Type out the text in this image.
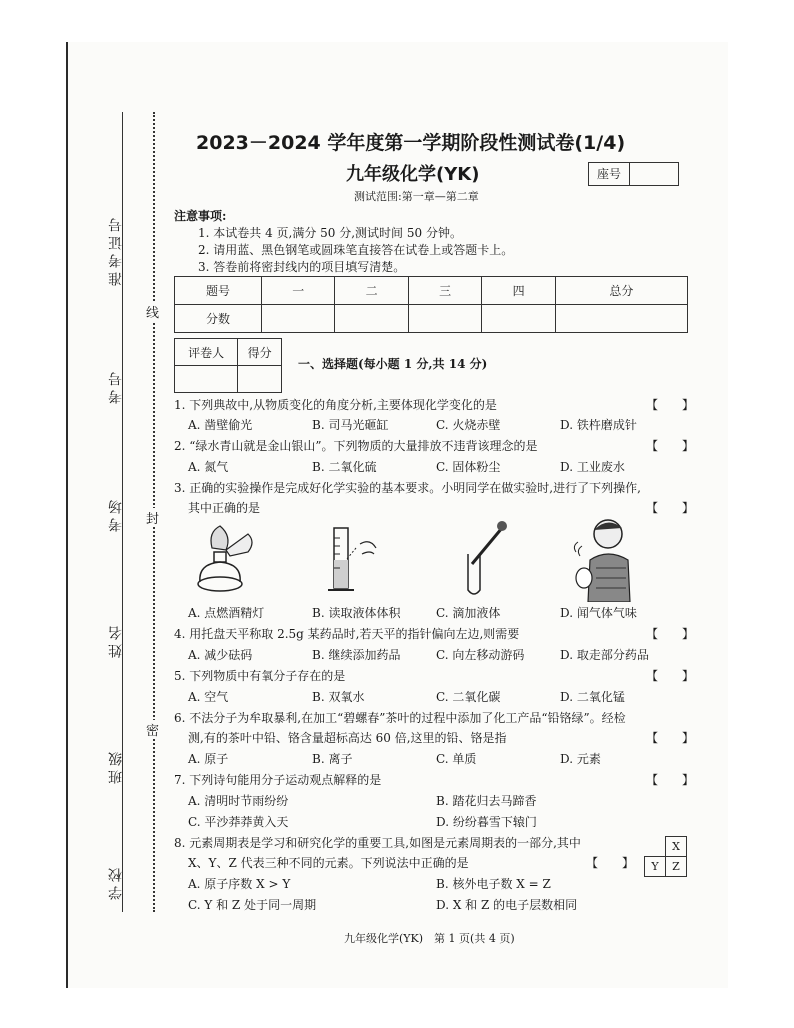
准考证号
考号
考场
姓名
班级
学校
线
封
密
2023－2024 学年度第一学期阶段性测试卷(1/4)
九年级化学(YK)	座号
测试范围:第一章—第二章
注意事项:
1. 本试卷共 4 页,满分 50 分,测试时间 50 分钟。
2. 请用蓝、黑色钢笔或圆珠笔直接答在试卷上或答题卡上。
3. 答卷前将密封线内的项目填写清楚。
题号	一	二	三	四	总分
分数					
评卷人	得分

一、选择题(每小题 1 分,共 14 分)
1. 下列典故中,从物质变化的角度分析,主要体现化学变化的是	【　　】
A. 凿壁偷光	B. 司马光砸缸	C. 火烧赤壁	D. 铁杵磨成针
2. “绿水青山就是金山银山”。下列物质的大量排放不违背该理念的是	【　　】
A. 氮气	B. 二氧化硫	C. 固体粉尘	D. 工业废水
3. 正确的实验操作是完成好化学实验的基本要求。小明同学在做实验时,进行了下列操作,
其中正确的是	【　　】
A. 点燃酒精灯	B. 读取液体体积	C. 滴加液体	D. 闻气体气味
4. 用托盘天平称取 2.5g 某药品时,若天平的指针偏向左边,则需要	【　　】
A. 减少砝码	B. 继续添加药品	C. 向左移动游码	D. 取走部分药品
5. 下列物质中有氧分子存在的是	【　　】
A. 空气	B. 双氧水	C. 二氧化碳	D. 二氧化锰
6. 不法分子为牟取暴利,在加工“碧螺春”茶叶的过程中添加了化工产品“铅铬绿”。经检
测,有的茶叶中铅、铬含量超标高达 60 倍,这里的铅、铬是指	【　　】
A. 原子	B. 离子	C. 单质	D. 元素
7. 下列诗句能用分子运动观点解释的是	【　　】
A. 清明时节雨纷纷	B. 踏花归去马蹄香
C. 平沙莽莽黄入天	D. 纷纷暮雪下辕门
8. 元素周期表是学习和研究化学的重要工具,如图是元素周期表的一部分,其中
X、Y、Z 代表三种不同的元素。下列说法中正确的是	【　　】
	X
Y	Z
A. 原子序数 X > Y	B. 核外电子数 X = Z
C. Y 和 Z 处于同一周期	D. X 和 Z 的电子层数相同
九年级化学(YK)　第 1 页(共 4 页)
